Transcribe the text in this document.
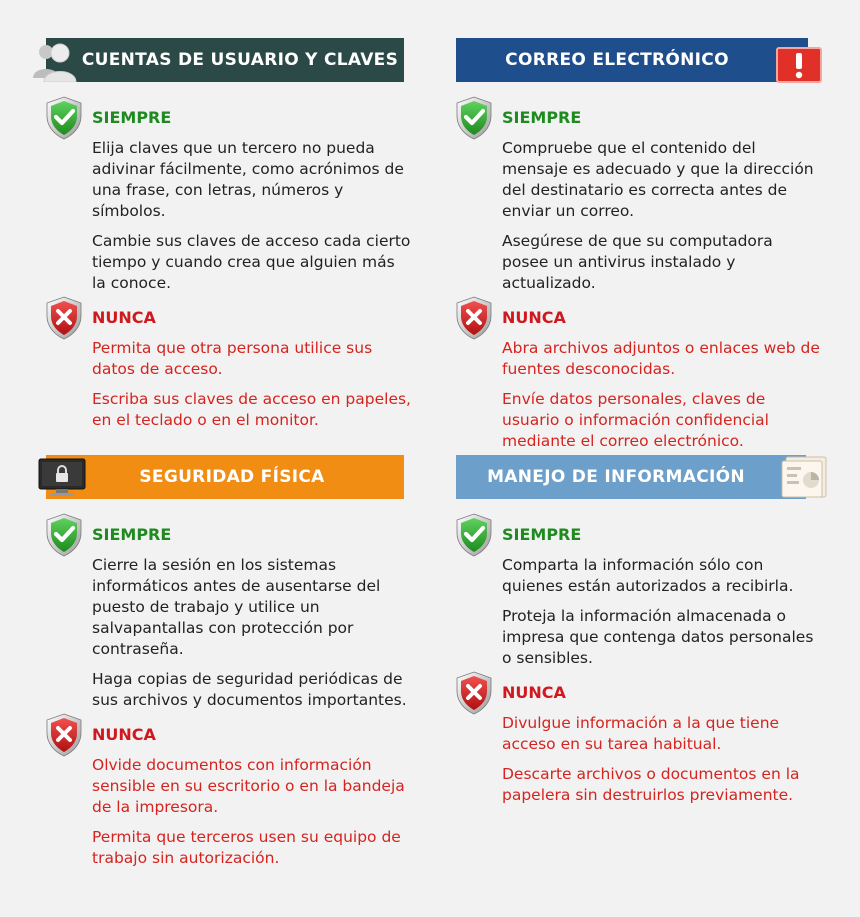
CUENTAS DE USUARIO Y CLAVES
SIEMPRE
Elija claves que un tercero no pueda adivinar fácilmente, como acrónimos de una frase, con letras, números y símbolos.
Cambie sus claves de acceso cada cierto tiempo y cuando crea que alguien más la conoce.
NUNCA
Permita que otra persona utilice sus datos de acceso.
Escriba sus claves de acceso en papeles, en el teclado o en el monitor.
CORREO ELECTRÓNICO
SIEMPRE
Compruebe que el contenido del mensaje es adecuado y que la dirección del destinatario es correcta antes de enviar un correo.
Asegúrese de que su computadora posee un antivirus instalado y actualizado.
NUNCA
Abra archivos adjuntos o enlaces web de fuentes desconocidas.
Envíe datos personales, claves de usuario o información confidencial mediante el correo electrónico.
SEGURIDAD FÍSICA
SIEMPRE
Cierre la sesión en los sistemas informáticos antes de ausentarse del puesto de trabajo y utilice un salvapantallas con protección por contraseña.
Haga copias de seguridad periódicas de sus archivos y documentos importantes.
NUNCA
Olvide documentos con información sensible en su escritorio o en la bandeja de la impresora.
Permita que terceros usen su equipo de trabajo sin autorización.
MANEJO DE INFORMACIÓN
SIEMPRE
Comparta la información sólo con quienes están autorizados a recibirla.
Proteja la información almacenada o impresa que contenga datos personales o sensibles.
NUNCA
Divulgue información a la que tiene acceso en su tarea habitual.
Descarte archivos o documentos en la papelera sin destruirlos previamente.
